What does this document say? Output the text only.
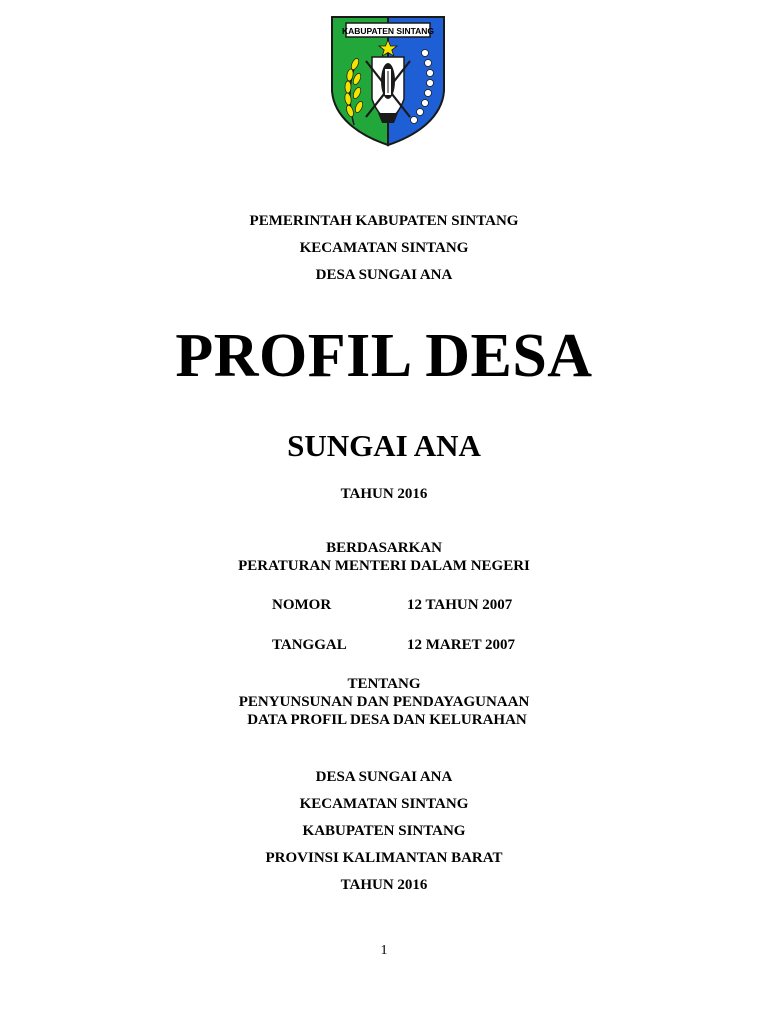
KABUPATEN SINTANG
PEMERINTAH KABUPATEN SINTANG
KECAMATAN SINTANG
DESA SUNGAI ANA
PROFIL DESA
SUNGAI ANA
TAHUN 2016
BERDASARKAN
PERATURAN MENTERI DALAM NEGERI
NOMOR	12 TAHUN 2007
TANGGAL	12 MARET 2007
TENTANG
PENYUNSUNAN DAN PENDAYAGUNAAN
DATA PROFIL DESA DAN KELURAHAN
DESA SUNGAI ANA
KECAMATAN SINTANG
KABUPATEN SINTANG
PROVINSI KALIMANTAN BARAT
TAHUN 2016
1
